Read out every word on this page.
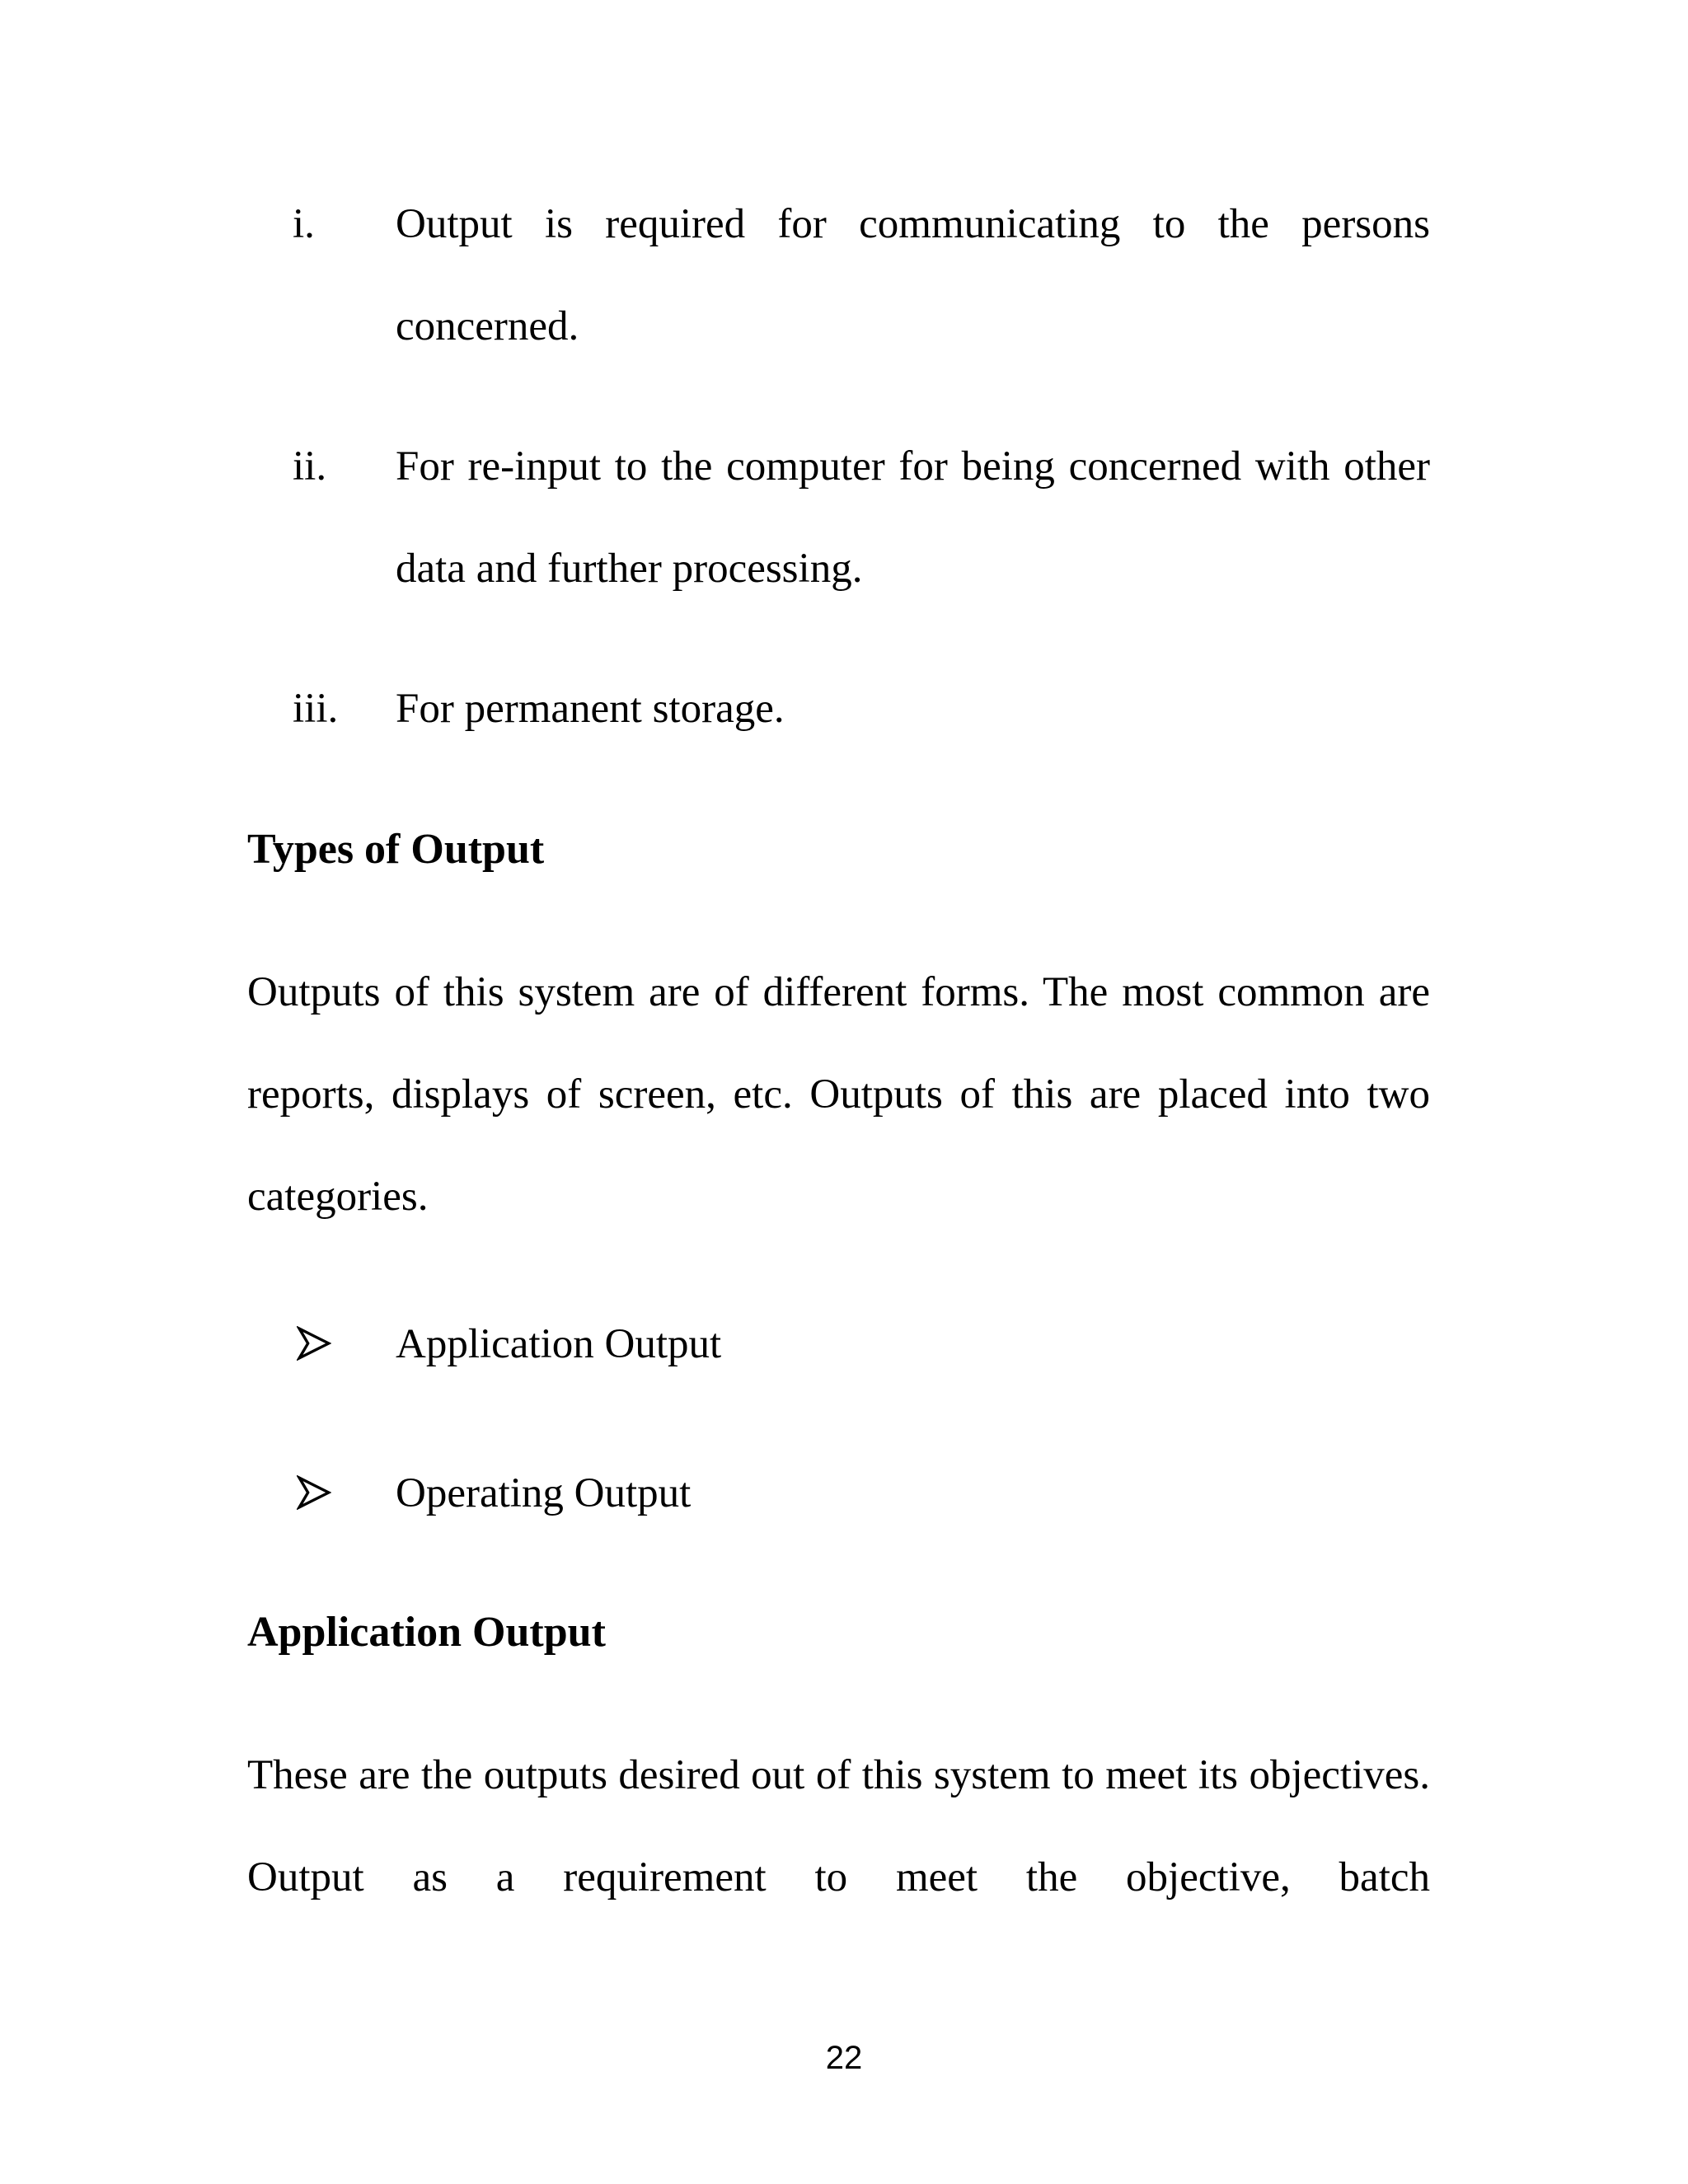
i. Output is required for communicating to the persons concerned.
ii. For re-input to the computer for being concerned with other data and further processing.
iii. For permanent storage.
Types of Output
Outputs of this system are of different forms. The most common are reports, displays of screen, etc. Outputs of this are placed into two categories.
Application Output
Operating Output
Application Output
These are the outputs desired out of this system to meet its objectives. Output as a requirement to meet the objective, batch
22
